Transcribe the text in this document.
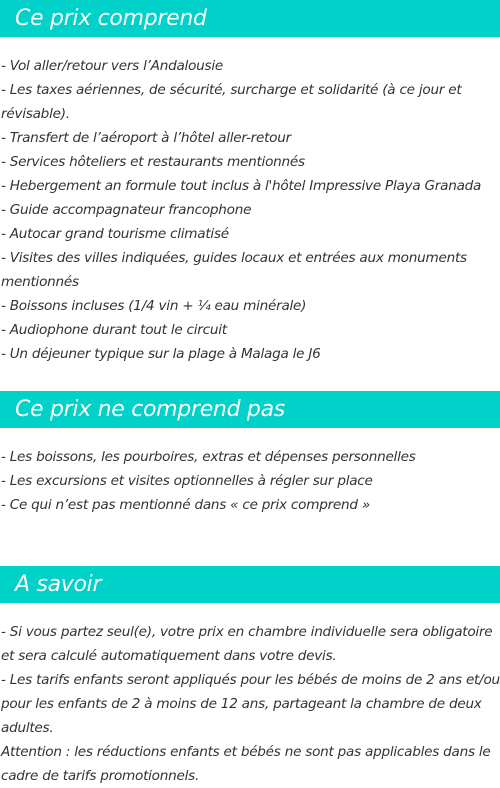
Ce prix comprend
- Vol aller/retour vers l’Andalousie
- Les taxes aériennes, de sécurité, surcharge et solidarité (à ce jour et révisable).
- Transfert de l’aéroport à l’hôtel aller-retour
- Services hôteliers et restaurants mentionnés
- Hebergement an formule tout inclus à l'hôtel Impressive Playa Granada
- Guide accompagnateur francophone
- Autocar grand tourisme climatisé
- Visites des villes indiquées, guides locaux et entrées aux monuments mentionnés
- Boissons incluses (1/4 vin + ¼ eau minérale)
- Audiophone durant tout le circuit
- Un déjeuner typique sur la plage à Malaga le J6
Ce prix ne comprend pas
- Les boissons, les pourboires, extras et dépenses personnelles
- Les excursions et visites optionnelles à régler sur place
- Ce qui n’est pas mentionné dans « ce prix comprend »
A savoir
- Si vous partez seul(e), votre prix en chambre individuelle sera obligatoire et sera calculé automatiquement dans votre devis.
- Les tarifs enfants seront appliqués pour les bébés de moins de 2 ans et/ou pour les enfants de 2 à moins de 12 ans, partageant la chambre de deux adultes.
Attention : les réductions enfants et bébés ne sont pas applicables dans le cadre de tarifs promotionnels.
